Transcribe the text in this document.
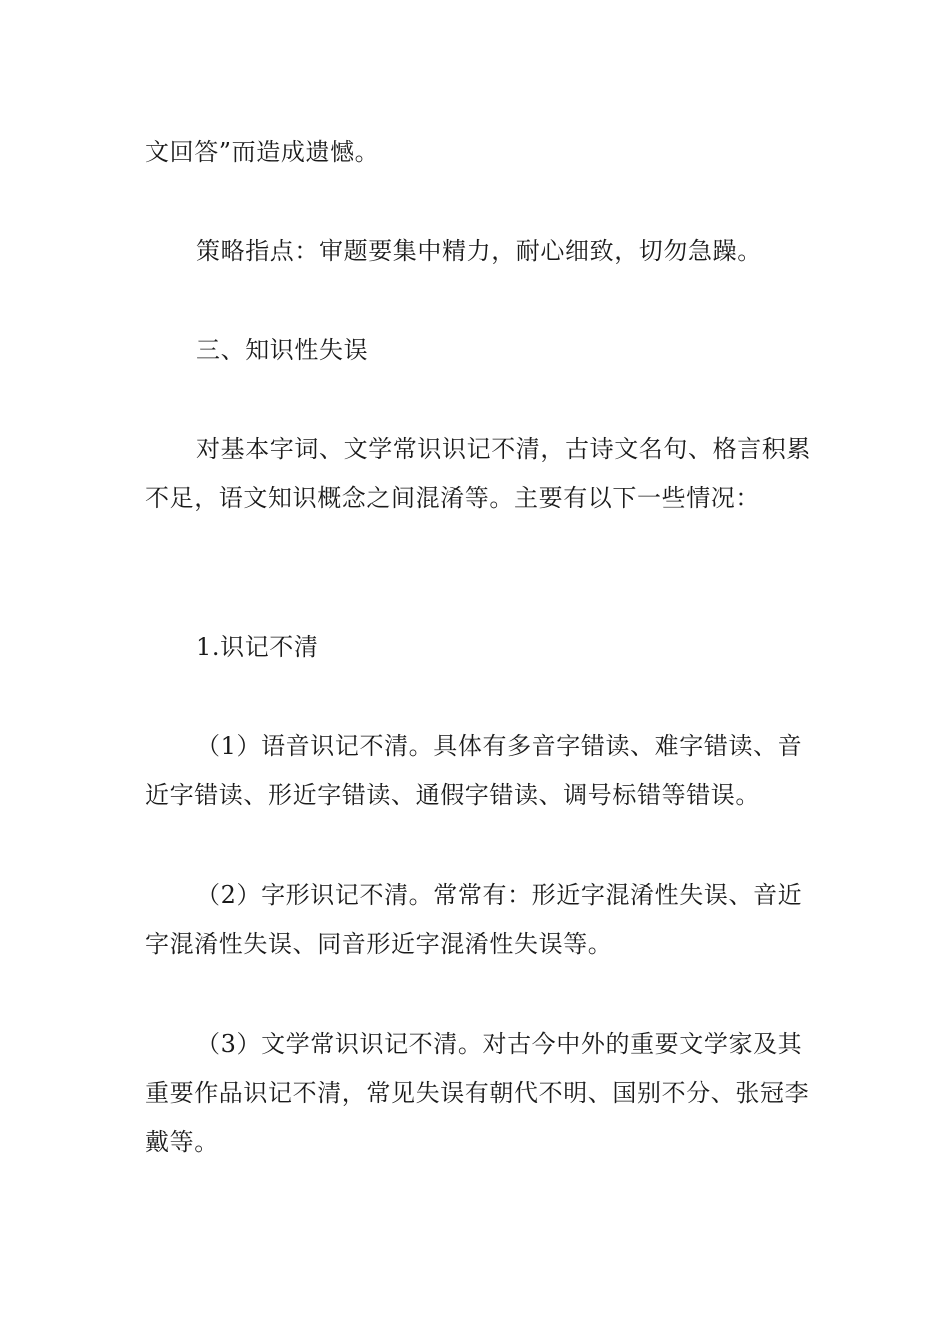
文回答”而造成遗憾。

策略指点：审题要集中精力，耐心细致，切勿急躁。

三、知识性失误

对基本字词、文学常识识记不清，古诗文名句、格言积累不足，语文知识概念之间混淆等。主要有以下一些情况：

1.识记不清

（1）语音识记不清。具体有多音字错读、难字错读、音近字错读、形近字错读、通假字错读、调号标错等错误。

（2）字形识记不清。常常有：形近字混淆性失误、音近字混淆性失误、同音形近字混淆性失误等。

（3）文学常识识记不清。对古今中外的重要文学家及其重要作品识记不清，常见失误有朝代不明、国别不分、张冠李戴等。
